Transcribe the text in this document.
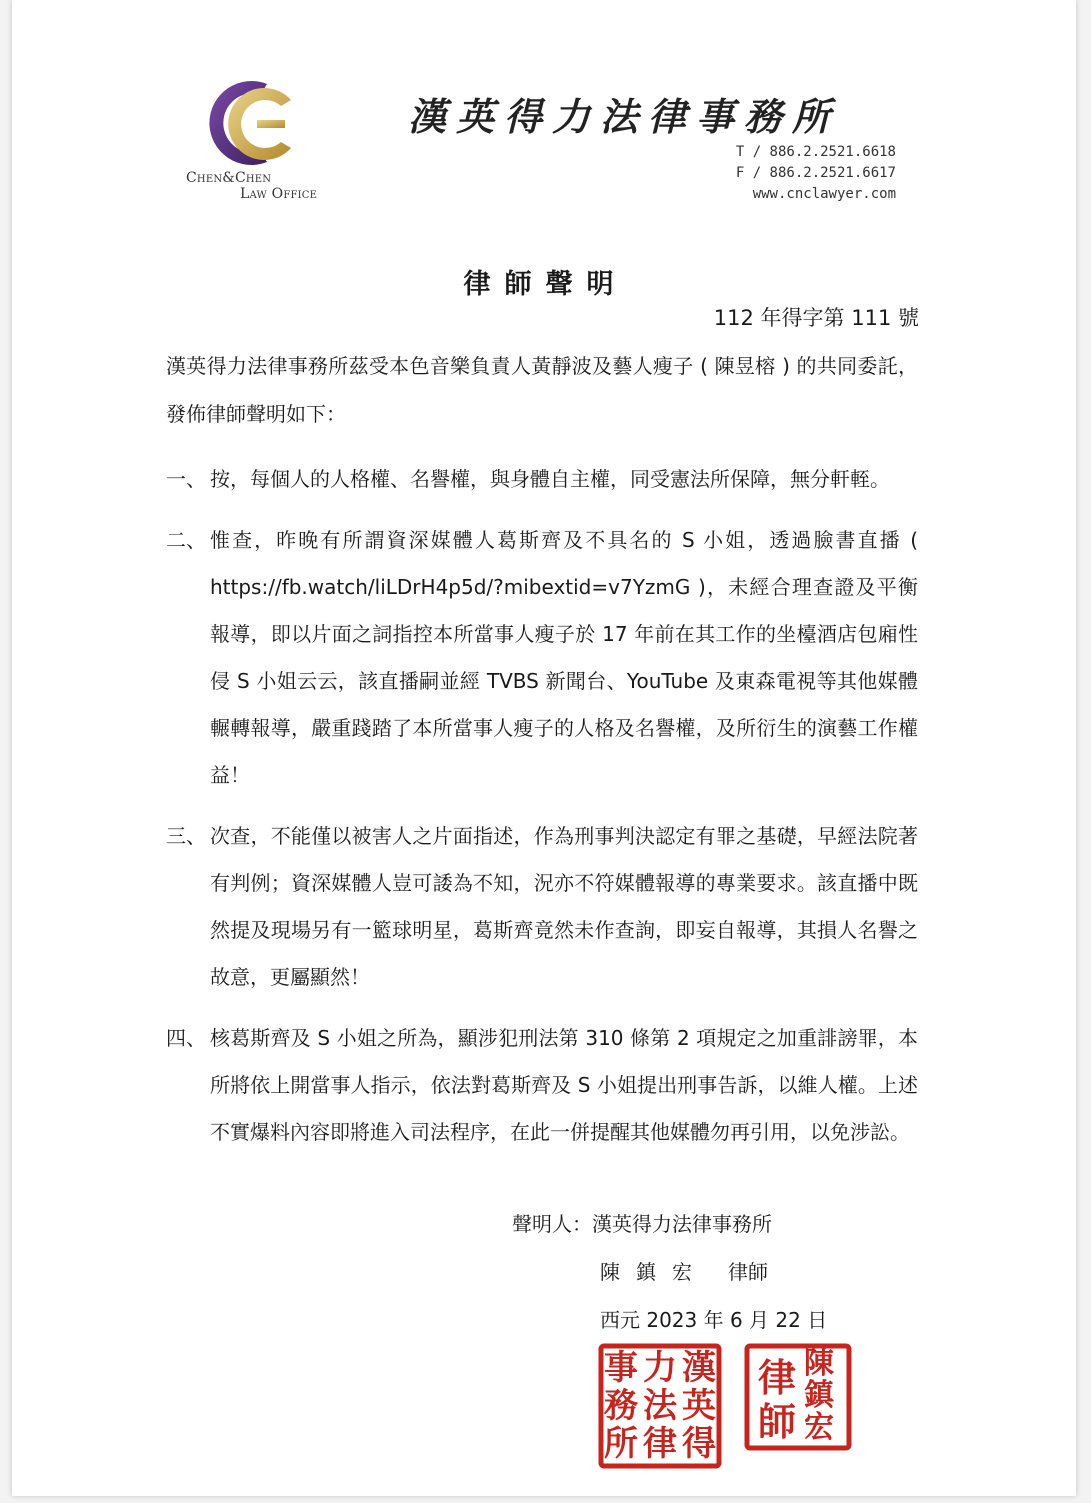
Chen&Chen
Law Office
漢英得力法律事務所
T / 886.2.2521.6618
F / 886.2.2521.6617
www.cnclawyer.com
律師聲明
112 年得字第 111 號

漢英得力法律事務所茲受本色音樂負責人黃靜波及藝人瘦子 ( 陳昱榕 ) 的共同委託，發佈律師聲明如下：

一、 按，每個人的人格權、名譽權，與身體自主權，同受憲法所保障，無分軒輊。
二、 惟查，昨晚有所謂資深媒體人葛斯齊及不具名的 S 小姐，透過臉書直播 ( https://fb.watch/liLDrH4p5d/?mibextid=v7YzmG )，未經合理查證及平衡報導，即以片面之詞指控本所當事人瘦子於 17 年前在其工作的坐檯酒店包廂性侵 S 小姐云云，該直播嗣並經 TVBS 新聞台、YouTube 及東森電視等其他媒體輾轉報導，嚴重踐踏了本所當事人瘦子的人格及名譽權，及所衍生的演藝工作權益！
三、 次查，不能僅以被害人之片面指述，作為刑事判決認定有罪之基礎，早經法院著有判例；資深媒體人豈可諉為不知，況亦不符媒體報導的專業要求。該直播中既然提及現場另有一籃球明星，葛斯齊竟然未作查詢，即妄自報導，其損人名譽之故意，更屬顯然！
四、 核葛斯齊及 S 小姐之所為，顯涉犯刑法第 310 條第 2 項規定之加重誹謗罪，本所將依上開當事人指示，依法對葛斯齊及 S 小姐提出刑事告訴，以維人權。上述不實爆料內容即將進入司法程序，在此一併提醒其他媒體勿再引用，以免涉訟。
聲明人：漢英得力法律事務所
陳鎮宏 律師
西元 2023 年 6 月 22 日
漢
英
得
力
法
律
事
務
所
陳
鎮
宏
律
師
